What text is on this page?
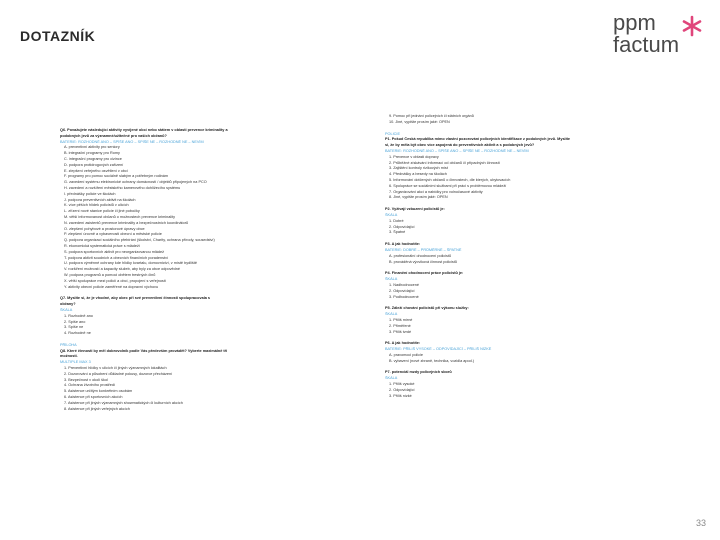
DOTAZNÍK
ppm
factum
Q6. Považujete následující aktivity vyvíjené obcí nebo státem v oblasti prevence kriminality a
podobných jevů za významné/užitečné pro vašich občanů?
BATERIE: ROZHODNĚ ANO – SPÍŠE ANO – SPÍŠE NE – ROZHODNĚ NE – NEVÍM
A. preventivní aktivity pro seniory
B. integrační programy pro Romy
C. integrační programy pro cizince
D. podpora protidrogových zařízení
E. zlepšení veřejného osvětlení v obci
F. programy pro pomoc sociálně slabým a potřebným rodinám
G. zavedení systému elektronické ochrany domácností / objektů připojených na PCO
H. zavedení a rozšíření městského kamerového dohlížecího systému
I. přednášky policie ve školách
J. podpora preventivních aktivit na školách
K. více pěších hlídek policistů v ulicích
L. zřízení nové stanice policie či jiné pobočky
M. větší informovanost občanů o možnostech prevence kriminality
N. zavedení asistentů prevence kriminality a bezpečnostních koordinátorů
O. zlepšení pohybové a prostorové úpravy obce
P. zlepšení úrovně a vybavenosti obecní a městské policie
Q. podpora organizací sociálního přebírání (školství, Charity, ochrana přírody, sousedství)
R. ekonomická systematická práce s mládeží
S. podpora sportovních aktivit pro neorganizovanou mládež
T. podpora aktivit soudních a obecních finančních poradenství
U. podpora výměnné ochrany kde hlídky kvartalu, domovnictví, v místě bydliště
V. rozšíření možností a kapacity služeb, aby byly za obce odpovědné
W. podpora programů a pomoci obětem trestných činů
X. větší spolupráce mezi policií a obcí, propojení s veřejností
Y. aktivity obecní policie zaměřené na dopravní výchovu
Q7. Myslíte si, že je vhodné, aby obec při své preventivní činnosti spolupracovala s
občany?
ŠKÁLA
1. Rozhodně ano
2. Spíše ano
3. Spíše ne
4. Rozhodně ne
PŘÍLOHA
Q8. Které činnosti by měl dobrovolník podle Vás především provádět? Vyberte maximálně tři
možnosti.
MULTIPLE MAX 3
1. Preventivní hlídky v ulicích či jiných významných lokalitách
2. Dozorování a působení důkladné pokusy, dozorce přecházení
3. Bezpečnost v okolí škol
4. Ochrana životního prostředí
5. Asistence určitým konkrétním osobám
6. Asistence při sportovních akcích
7. Asistence při jiných významných showmatických či kulturních akcích
8. Asistence při jiných veřejných akcích
9. Pomoc při jednání policejních či státních orgánů
10. Jiné, vypište prosím jaké: OPEN
POLICIE
P1. Pokud Česká republika mimo vlastní pozorování policejních identifikace z podobných jevů. Myslíte
si, že by měla být obec více zapojená do preventivních aktivit a s podobných jevů?
BATERIE: ROZHODNĚ ANO – SPÍŠE ANO – SPÍŠE NE – ROZHODNĚ NE – NEVÍM
1. Prevence v oblasti dopravy
2. Průběžné získávání informací od občanů či případných činností
3. Zajištění kontroly rizikových míst
4. Přednášky a besedy na školách
5. Informování dotčených občanů o činnostech, dle kterých, ubytovacích
6. Spolupráce se sociálními službami při práci s problémovou mládeží
7. Organizování akcí a nabídky pro volnočasové aktivity
8. Jiné, vypište prosím jaké: OPEN
P2. Vyžívají vzbuzení policistů je:
ŠKÁLA
1. Dobré
2. Odpovídající
3. Špatné
P3. A jak hodnotíte:
BATERIE: DOBRÉ – PRŮMĚRNÉ – ŠPATNÉ
A. profesionální ohodnocení policistů
B. prováděná výcviková činnost policistů
P4. Finanční ohodnocení práce policistů je:
ŠKÁLA
1. Nadhodnocené
2. Odpovídající
3. Podhodnocené
P5. Záleží chování policistů při výkonu služby:
ŠKÁLA
1. Příliš mírné
2. Přiměřené
3. Příliš tvrdé
P6. A jak hodnotíte:
BATERIE: PŘÍLIŠ VYSOKÉ – ODPOVÍDAJÍCÍ – PŘÍLIŠ NÍZKÉ
A. pravomoci policie
B. vybavení (nové zbraně, technika, vozidla apod.)
P7. potenciál mzdy policejních sborů
ŠKÁLA
1. Příliš vysoké
2. Odpovídající
3. Příliš nízké
33
